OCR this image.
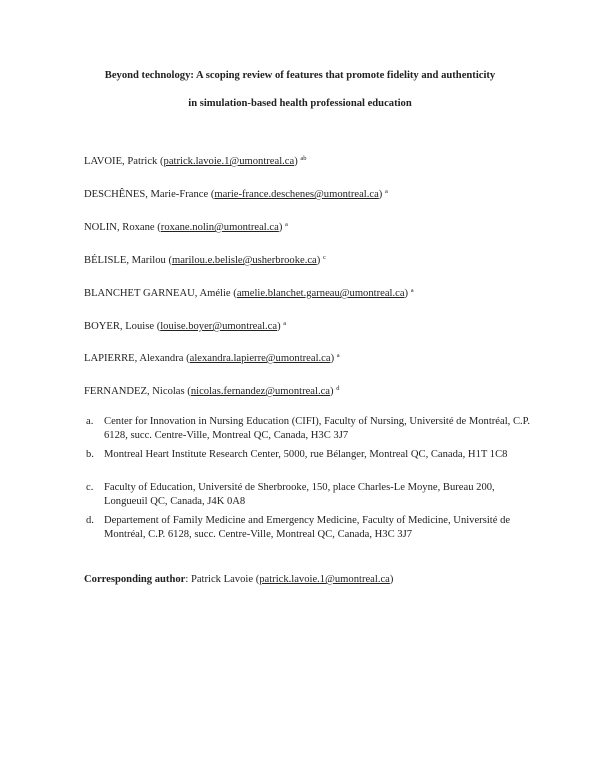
Beyond technology: A scoping review of features that promote fidelity and authenticity
in simulation-based health professional education
LAVOIE, Patrick (patrick.lavoie.1@umontreal.ca) $^{ab}$
DESCHÊNES, Marie-France (marie-france.deschenes@umontreal.ca) $^a$
NOLIN, Roxane (roxane.nolin@umontreal.ca) $^a$
BÉLISLE, Marilou (marilou.e.belisle@usherbrooke.ca) $^c$
BLANCHET GARNEAU, Amélie (amelie.blanchet.garneau@umontreal.ca) $^a$
BOYER, Louise (louise.boyer@umontreal.ca) $^a$
LAPIERRE, Alexandra (alexandra.lapierre@umontreal.ca) $^a$
FERNANDEZ, Nicolas (nicolas.fernandez@umontreal.ca) $^d$
a. Center for Innovation in Nursing Education (CIFI), Faculty of Nursing, Université de Montréal, C.P. 6128, succ. Centre-Ville, Montreal QC, Canada, H3C 3J7
b. Montreal Heart Institute Research Center, 5000, rue Bélanger, Montreal QC, Canada, H1T 1C8
c. Faculty of Education, Université de Sherbrooke, 150, place Charles-Le Moyne, Bureau 200, Longueuil QC, Canada, J4K 0A8
d. Departement of Family Medicine and Emergency Medicine, Faculty of Medicine, Université de Montréal, C.P. 6128, succ. Centre-Ville, Montreal QC, Canada, H3C 3J7
Corresponding author: Patrick Lavoie (patrick.lavoie.1@umontreal.ca)
